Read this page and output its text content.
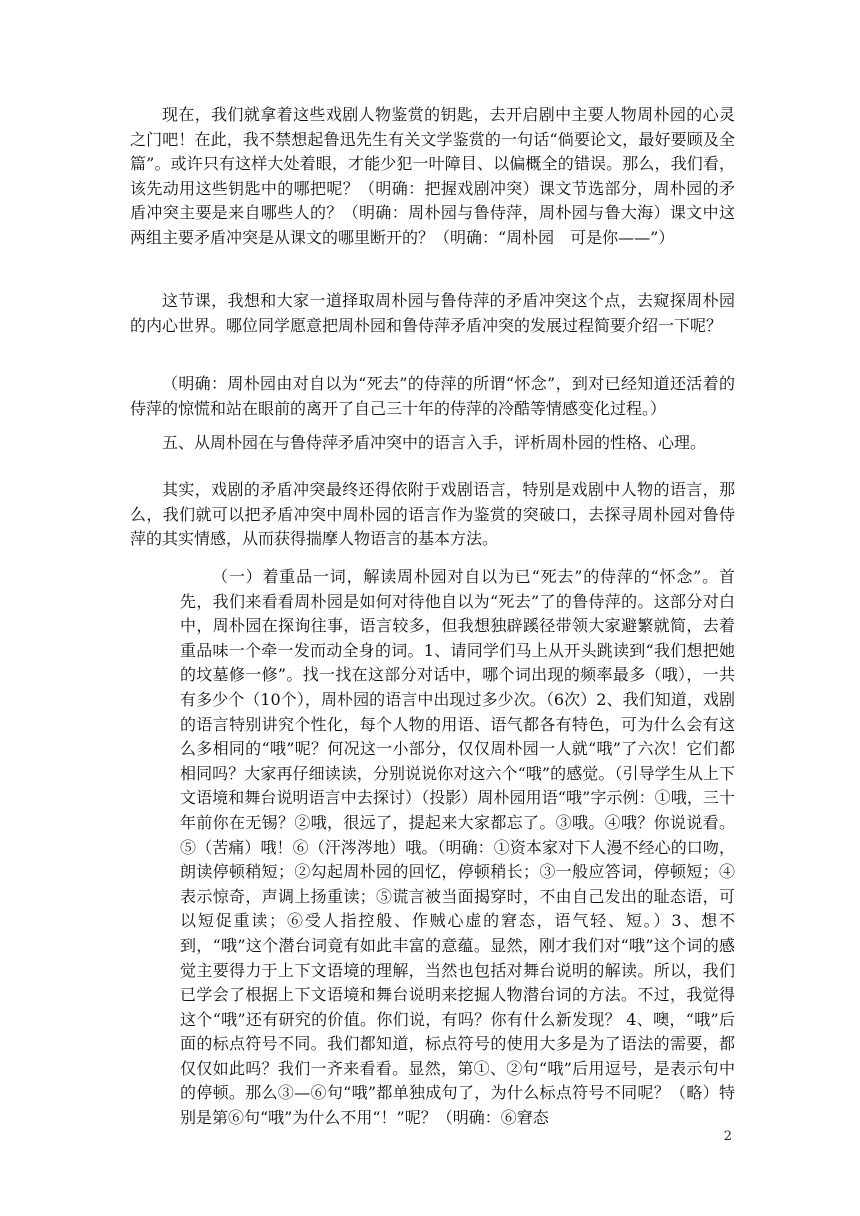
现在，我们就拿着这些戏剧人物鉴赏的钥匙，去开启剧中主要人物周朴园的心灵之门吧！在此，我不禁想起鲁迅先生有关文学鉴赏的一句话“倘要论文，最好要顾及全篇”。或许只有这样大处着眼，才能少犯一叶障目、以偏概全的错误。那么，我们看，该先动用这些钥匙中的哪把呢？（明确：把握戏剧冲突）课文节选部分，周朴园的矛盾冲突主要是来自哪些人的？（明确：周朴园与鲁侍萍，周朴园与鲁大海）课文中这两组主要矛盾冲突是从课文的哪里断开的？（明确：“周朴园　可是你——”）

这节课，我想和大家一道择取周朴园与鲁侍萍的矛盾冲突这个点，去窥探周朴园的内心世界。哪位同学愿意把周朴园和鲁侍萍矛盾冲突的发展过程简要介绍一下呢？

（明确：周朴园由对自以为“死去”的侍萍的所谓“怀念”，到对已经知道还活着的侍萍的惊慌和站在眼前的离开了自己三十年的侍萍的冷酷等情感变化过程。）

五、从周朴园在与鲁侍萍矛盾冲突中的语言入手，评析周朴园的性格、心理。

其实，戏剧的矛盾冲突最终还得依附于戏剧语言，特别是戏剧中人物的语言，那么，我们就可以把矛盾冲突中周朴园的语言作为鉴赏的突破口，去探寻周朴园对鲁侍萍的其实情感，从而获得揣摩人物语言的基本方法。

（一）着重品一词，解读周朴园对自以为已“死去”的侍萍的“怀念”。首先，我们来看看周朴园是如何对待他自以为“死去”了的鲁侍萍的。这部分对白中，周朴园在探询往事，语言较多，但我想独辟蹊径带领大家避繁就简，去着重品味一个牵一发而动全身的词。1、请同学们马上从开头跳读到“我们想把她的坟墓修一修”。找一找在这部分对话中，哪个词出现的频率最多（哦），一共有多少个（10个），周朴园的语言中出现过多少次。（6次）2、我们知道，戏剧的语言特别讲究个性化，每个人物的用语、语气都各有特色，可为什么会有这么多相同的“哦”呢？何况这一小部分，仅仅周朴园一人就“哦”了六次！它们都相同吗？大家再仔细读读，分别说说你对这六个“哦”的感觉。（引导学生从上下文语境和舞台说明语言中去探讨）（投影）周朴园用语“哦”字示例：①哦，三十年前你在无锡？②哦，很远了，提起来大家都忘了。③哦。④哦？你说说看。⑤（苦痛）哦！⑥（汗涔涔地）哦。（明确：①资本家对下人漫不经心的口吻，朗读停顿稍短；②勾起周朴园的回忆，停顿稍长；③一般应答词，停顿短；④表示惊奇，声调上扬重读；⑤谎言被当面揭穿时，不由自己发出的耻态语，可以短促重读；⑥受人指控般、作贼心虚的窘态，语气轻、短。）3、想不到，“哦”这个潜台词竟有如此丰富的意蕴。显然，刚才我们对“哦”这个词的感觉主要得力于上下文语境的理解，当然也包括对舞台说明的解读。所以，我们已学会了根据上下文语境和舞台说明来挖掘人物潜台词的方法。不过，我觉得这个“哦”还有研究的价值。你们说，有吗？你有什么新发现？ 4、噢，“哦”后面的标点符号不同。我们都知道，标点符号的使用大多是为了语法的需要，都仅仅如此吗？我们一齐来看看。显然，第①、②句“哦”后用逗号，是表示句中的停顿。那么③—⑥句“哦”都单独成句了，为什么标点符号不同呢？（略）特别是第⑥句“哦”为什么不用“！”呢？（明确：⑥窘态

2
